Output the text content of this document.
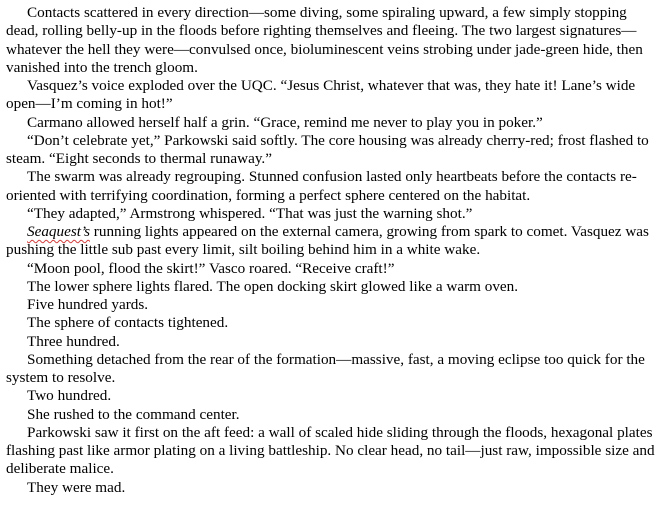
Contacts scattered in every direction—some diving, some spiraling upward, a few simply stopping dead, rolling belly-up in the floods before righting themselves and fleeing. The two largest signatures—whatever the hell they were—convulsed once, bioluminescent veins strobing under jade-green hide, then vanished into the trench gloom.

Vasquez’s voice exploded over the UQC. “Jesus Christ, whatever that was, they hate it! Lane’s wide open—I’m coming in hot!”

Carmano allowed herself half a grin. “Grace, remind me never to play you in poker.”

“Don’t celebrate yet,” Parkowski said softly. The core housing was already cherry-red; frost flashed to steam. “Eight seconds to thermal runaway.”

The swarm was already regrouping. Stunned confusion lasted only heartbeats before the contacts re-oriented with terrifying coordination, forming a perfect sphere centered on the habitat.

“They adapted,” Armstrong whispered. “That was just the warning shot.”

Seaquest’s running lights appeared on the external camera, growing from spark to comet. Vasquez was pushing the little sub past every limit, silt boiling behind him in a white wake.

“Moon pool, flood the skirt!” Vasco roared. “Receive craft!”

The lower sphere lights flared. The open docking skirt glowed like a warm oven.

Five hundred yards.

The sphere of contacts tightened.

Three hundred.

Something detached from the rear of the formation—massive, fast, a moving eclipse too quick for the system to resolve.

Two hundred.

She rushed to the command center.

Parkowski saw it first on the aft feed: a wall of scaled hide sliding through the floods, hexagonal plates flashing past like armor plating on a living battleship. No clear head, no tail—just raw, impossible size and deliberate malice.

They were mad.
